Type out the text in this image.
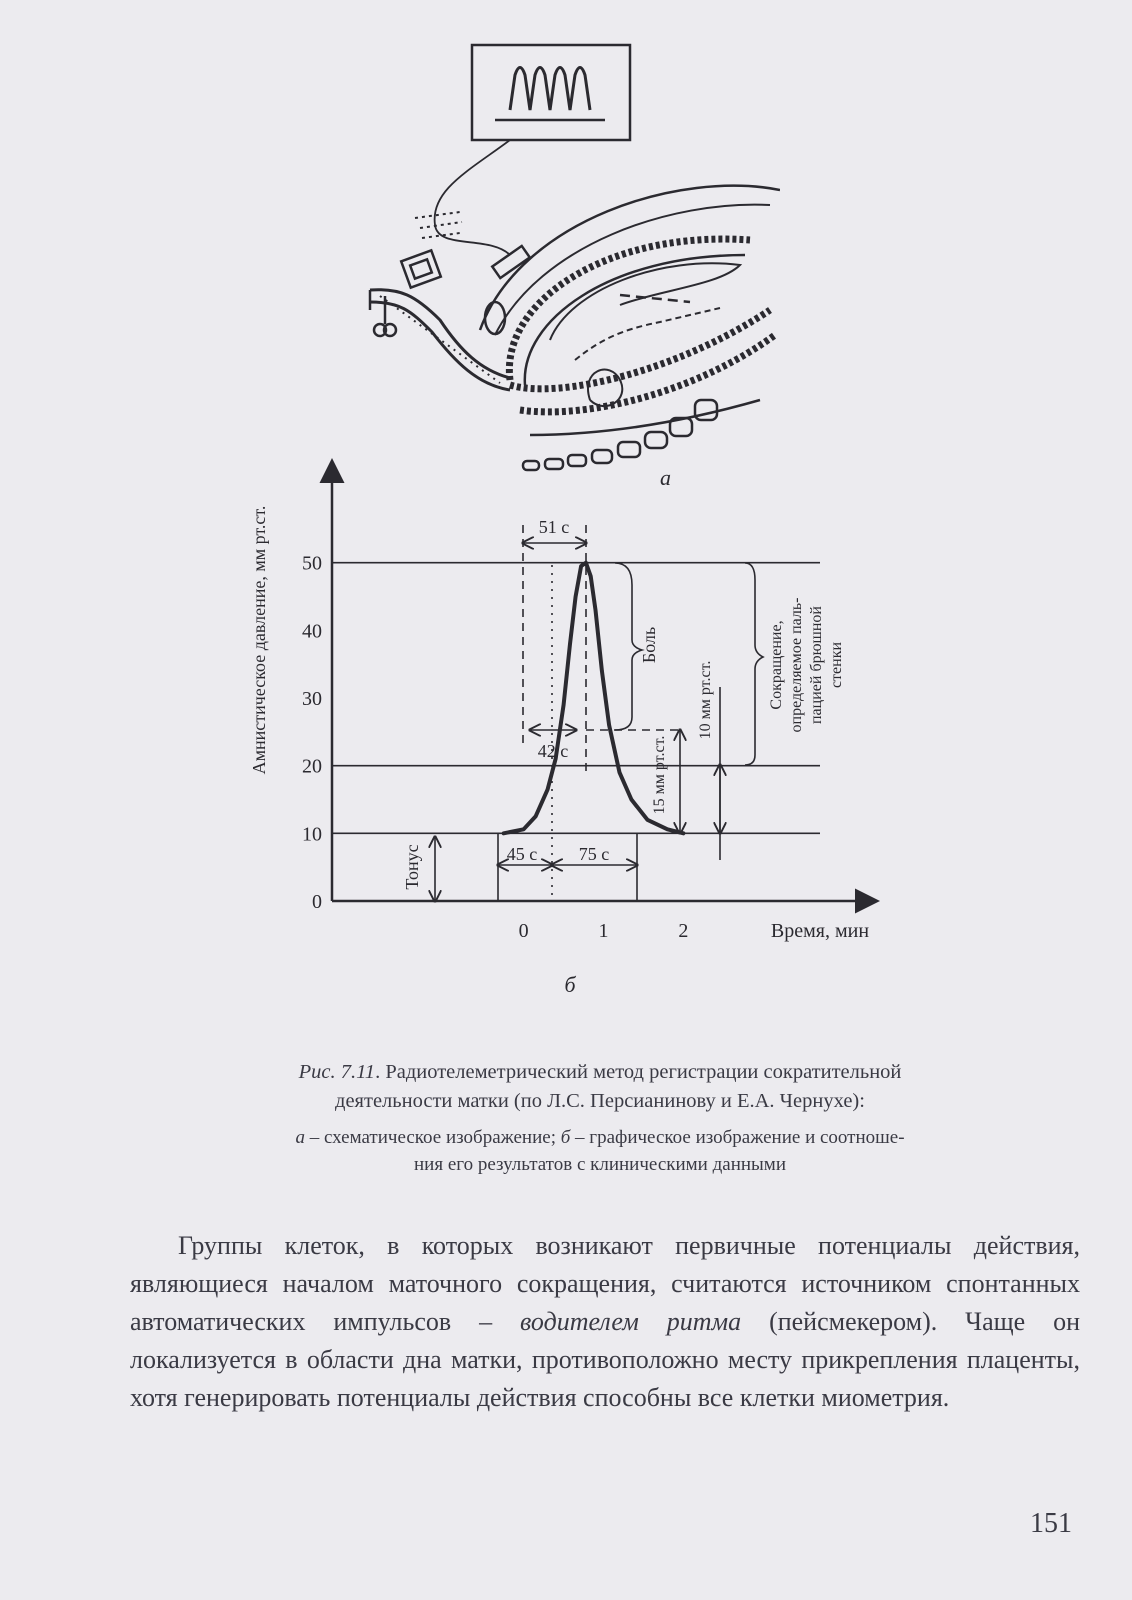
а
0
10
20
30
40
50
0	1	2
Амнистическое давление, мм рт.ст.
Время, мин
51 с
42 с
45 с 75 с
Тонус
Боль
15 мм рт.ст.
10 мм рт.ст.	Сокращение, определяемое паль- пацией брюшной стенки
б
Рис. 7.11. Радиотелеметрический метод регистрации сократительной
деятельности матки (по Л.С. Персианинову и Е.А. Чернухе):
а – схематическое изображение; б – графическое изображение и соотноше-
ния его результатов с клиническими данными
Группы клеток, в которых возникают первичные потенциалы действия, являющиеся началом маточного сокращения, считаются источником спонтанных автоматических импульсов – водителем ритма (пейсмекером). Чаще он локализуется в области дна матки, противоположно месту прикрепления плаценты, хотя генерировать потенциалы действия способны все клетки миометрия.
151
